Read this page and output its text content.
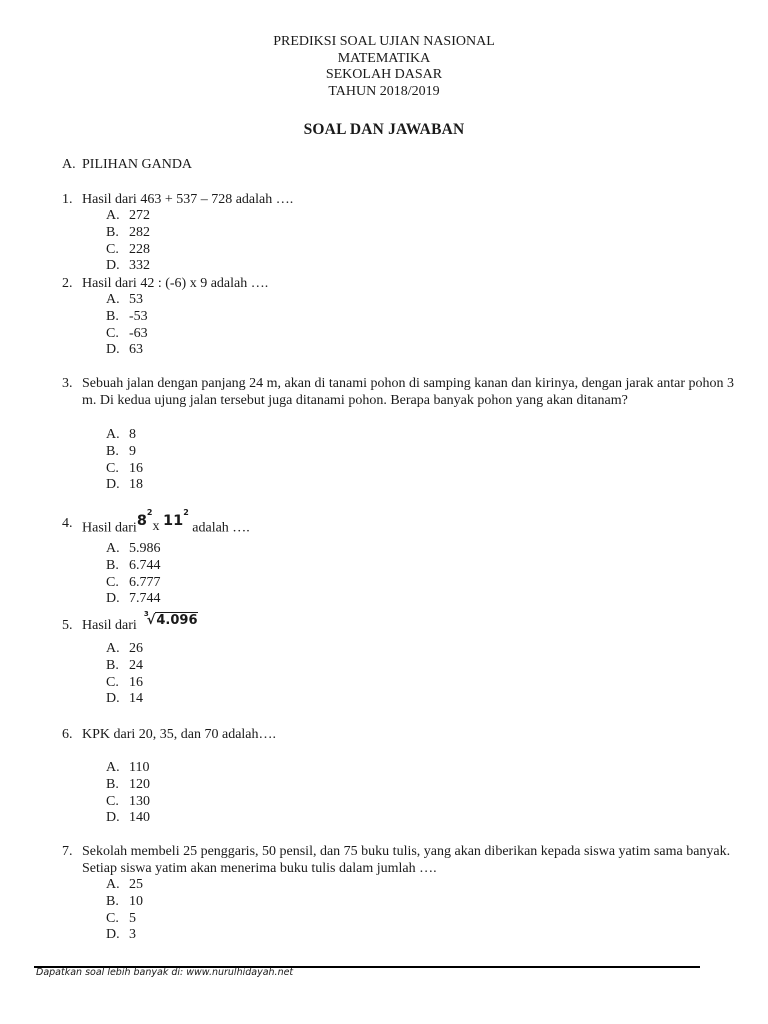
PREDIKSI SOAL UJIAN NASIONAL
MATEMATIKA
SEKOLAH DASAR
TAHUN 2018/2019
SOAL DAN JAWABAN
A. PILIHAN GANDA
1. Hasil dari 463 + 537 – 728 adalah ….
A. 272
B. 282
C. 228
D. 332
2. Hasil dari 42 : (-6) x 9 adalah ….
A. 53
B. -53
C. -63
D. 63
3. Sebuah jalan dengan panjang 24 m, akan di tanami pohon di samping kanan dan kirinya, dengan jarak antar pohon 3 m. Di kedua ujung jalan tersebut juga ditanami pohon. Berapa banyak pohon yang akan ditanam?
A. 8
B. 9
C. 16
D. 18
4. Hasil $dari8^2x$ $11^2$ adalah ….
A. 5.986
B. 6.744
C. 6.777
D. 7.744
5. Hasil dari  $^3$√4.096
A. 26
B. 24
C. 16
D. 14
6. KPK dari 20, 35, dan 70 adalah….
A. 110
B. 120
C. 130
D. 140
7. Sekolah membeli 25 penggaris, 50 pensil, dan 75 buku tulis, yang akan diberikan kepada siswa yatim sama banyak. Setiap siswa yatim akan menerima buku tulis dalam jumlah ….
A. 25
B. 10
C. 5
D. 3
Dapatkan soal lebih banyak di: www.nurulhidayah.net
